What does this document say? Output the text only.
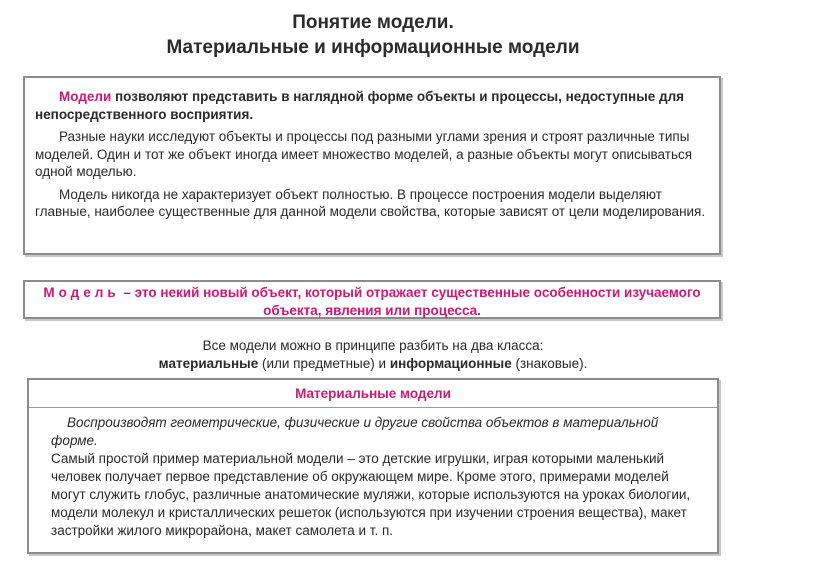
Понятие модели.
Материальные и информационные модели

Модели позволяют представить в наглядной форме объекты и процессы, недоступные для непосредственного восприятия.

Разные науки исследуют объекты и процессы под разными углами зрения и строят различные типы моделей. Один и тот же объект иногда имеет множество моделей, а разные объекты могут описываться одной моделью.

Модель никогда не характеризует объект полностью. В процессе построения модели выделяют главные, наиболее существенные для данной модели свойства, которые зависят от цели моделирования.

Модель – это некий новый объект, который отражает существенные особенности изучаемого объекта, явления или процесса.
Все модели можно в принципе разбить на два класса:
материальные (или предметные) и информационные (знаковые).
Материальные модели

Воспроизводят геометрические, физические и другие свойства объектов в материальной форме.

Самый простой пример материальной модели – это детские игрушки, играя которыми маленький человек получает первое представление об окружающем мире. Кроме этого, примерами моделей могут служить глобус, различные анатомические муляжи, которые используются на уроках биологии, модели молекул и кристаллических решеток (используются при изучении строения вещества), макет застройки жилого микрорайона, макет самолета и т. п.
